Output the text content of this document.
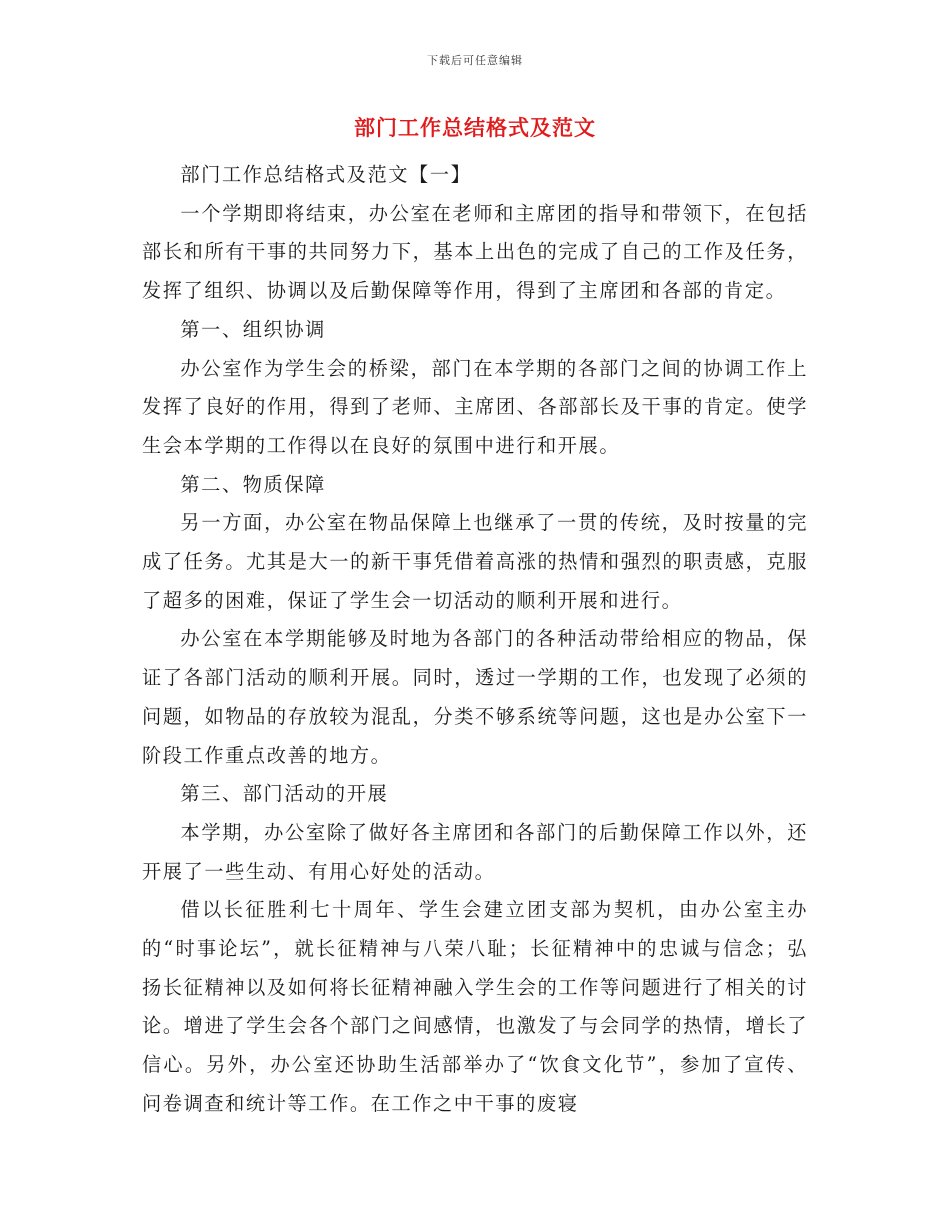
下载后可任意编辑
部门工作总结格式及范文

部门工作总结格式及范文【一】

一个学期即将结束，办公室在老师和主席团的指导和带领下，在包括部长和所有干事的共同努力下，基本上出色的完成了自己的工作及任务，发挥了组织、协调以及后勤保障等作用，得到了主席团和各部的肯定。

第一、组织协调

办公室作为学生会的桥梁，部门在本学期的各部门之间的协调工作上发挥了良好的作用，得到了老师、主席团、各部部长及干事的肯定。使学生会本学期的工作得以在良好的氛围中进行和开展。

第二、物质保障

另一方面，办公室在物品保障上也继承了一贯的传统，及时按量的完成了任务。尤其是大一的新干事凭借着高涨的热情和强烈的职责感，克服了超多的困难，保证了学生会一切活动的顺利开展和进行。

办公室在本学期能够及时地为各部门的各种活动带给相应的物品，保证了各部门活动的顺利开展。同时，透过一学期的工作，也发现了必须的问题，如物品的存放较为混乱，分类不够系统等问题，这也是办公室下一阶段工作重点改善的地方。

第三、部门活动的开展

本学期，办公室除了做好各主席团和各部门的后勤保障工作以外，还开展了一些生动、有用心好处的活动。

借以长征胜利七十周年、学生会建立团支部为契机，由办公室主办的“时事论坛”，就长征精神与八荣八耻；长征精神中的忠诚与信念；弘扬长征精神以及如何将长征精神融入学生会的工作等问题进行了相关的讨论。增进了学生会各个部门之间感情，也激发了与会同学的热情，增长了信心。另外，办公室还协助生活部举办了“饮食文化节”，参加了宣传、问卷调查和统计等工作。在工作之中干事的废寝
